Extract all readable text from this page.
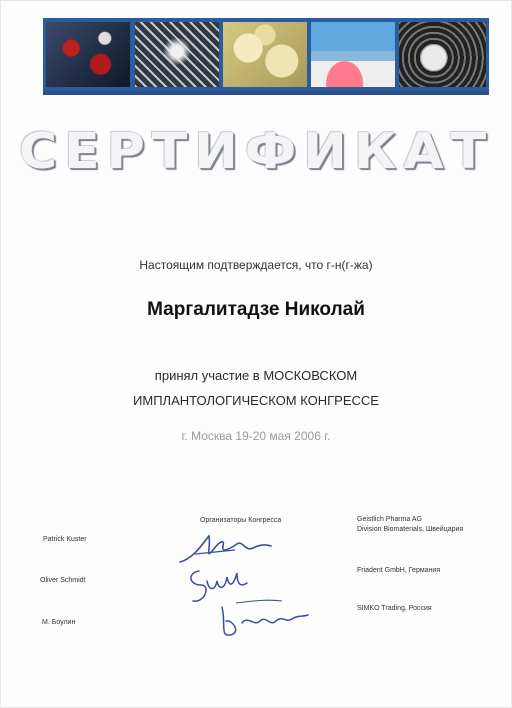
СЕРТИФИКАТ
Настоящим подтверждается, что г-н(г-жа)
Маргалитадзе Николай
принял участие в МОСКОВСКОМ
ИМПЛАНТОЛОГИЧЕСКОМ КОНГРЕССЕ
г. Москва 19-20 мая 2006 г.
Организаторы Конгресса
Patrick Kuster
Oliver Schmidt
М. Боулин
Geistlich Pharma AG
Division Biomaterials, Швейцария
Friadent GmbH, Германия
SIMKO Trading, Россия
